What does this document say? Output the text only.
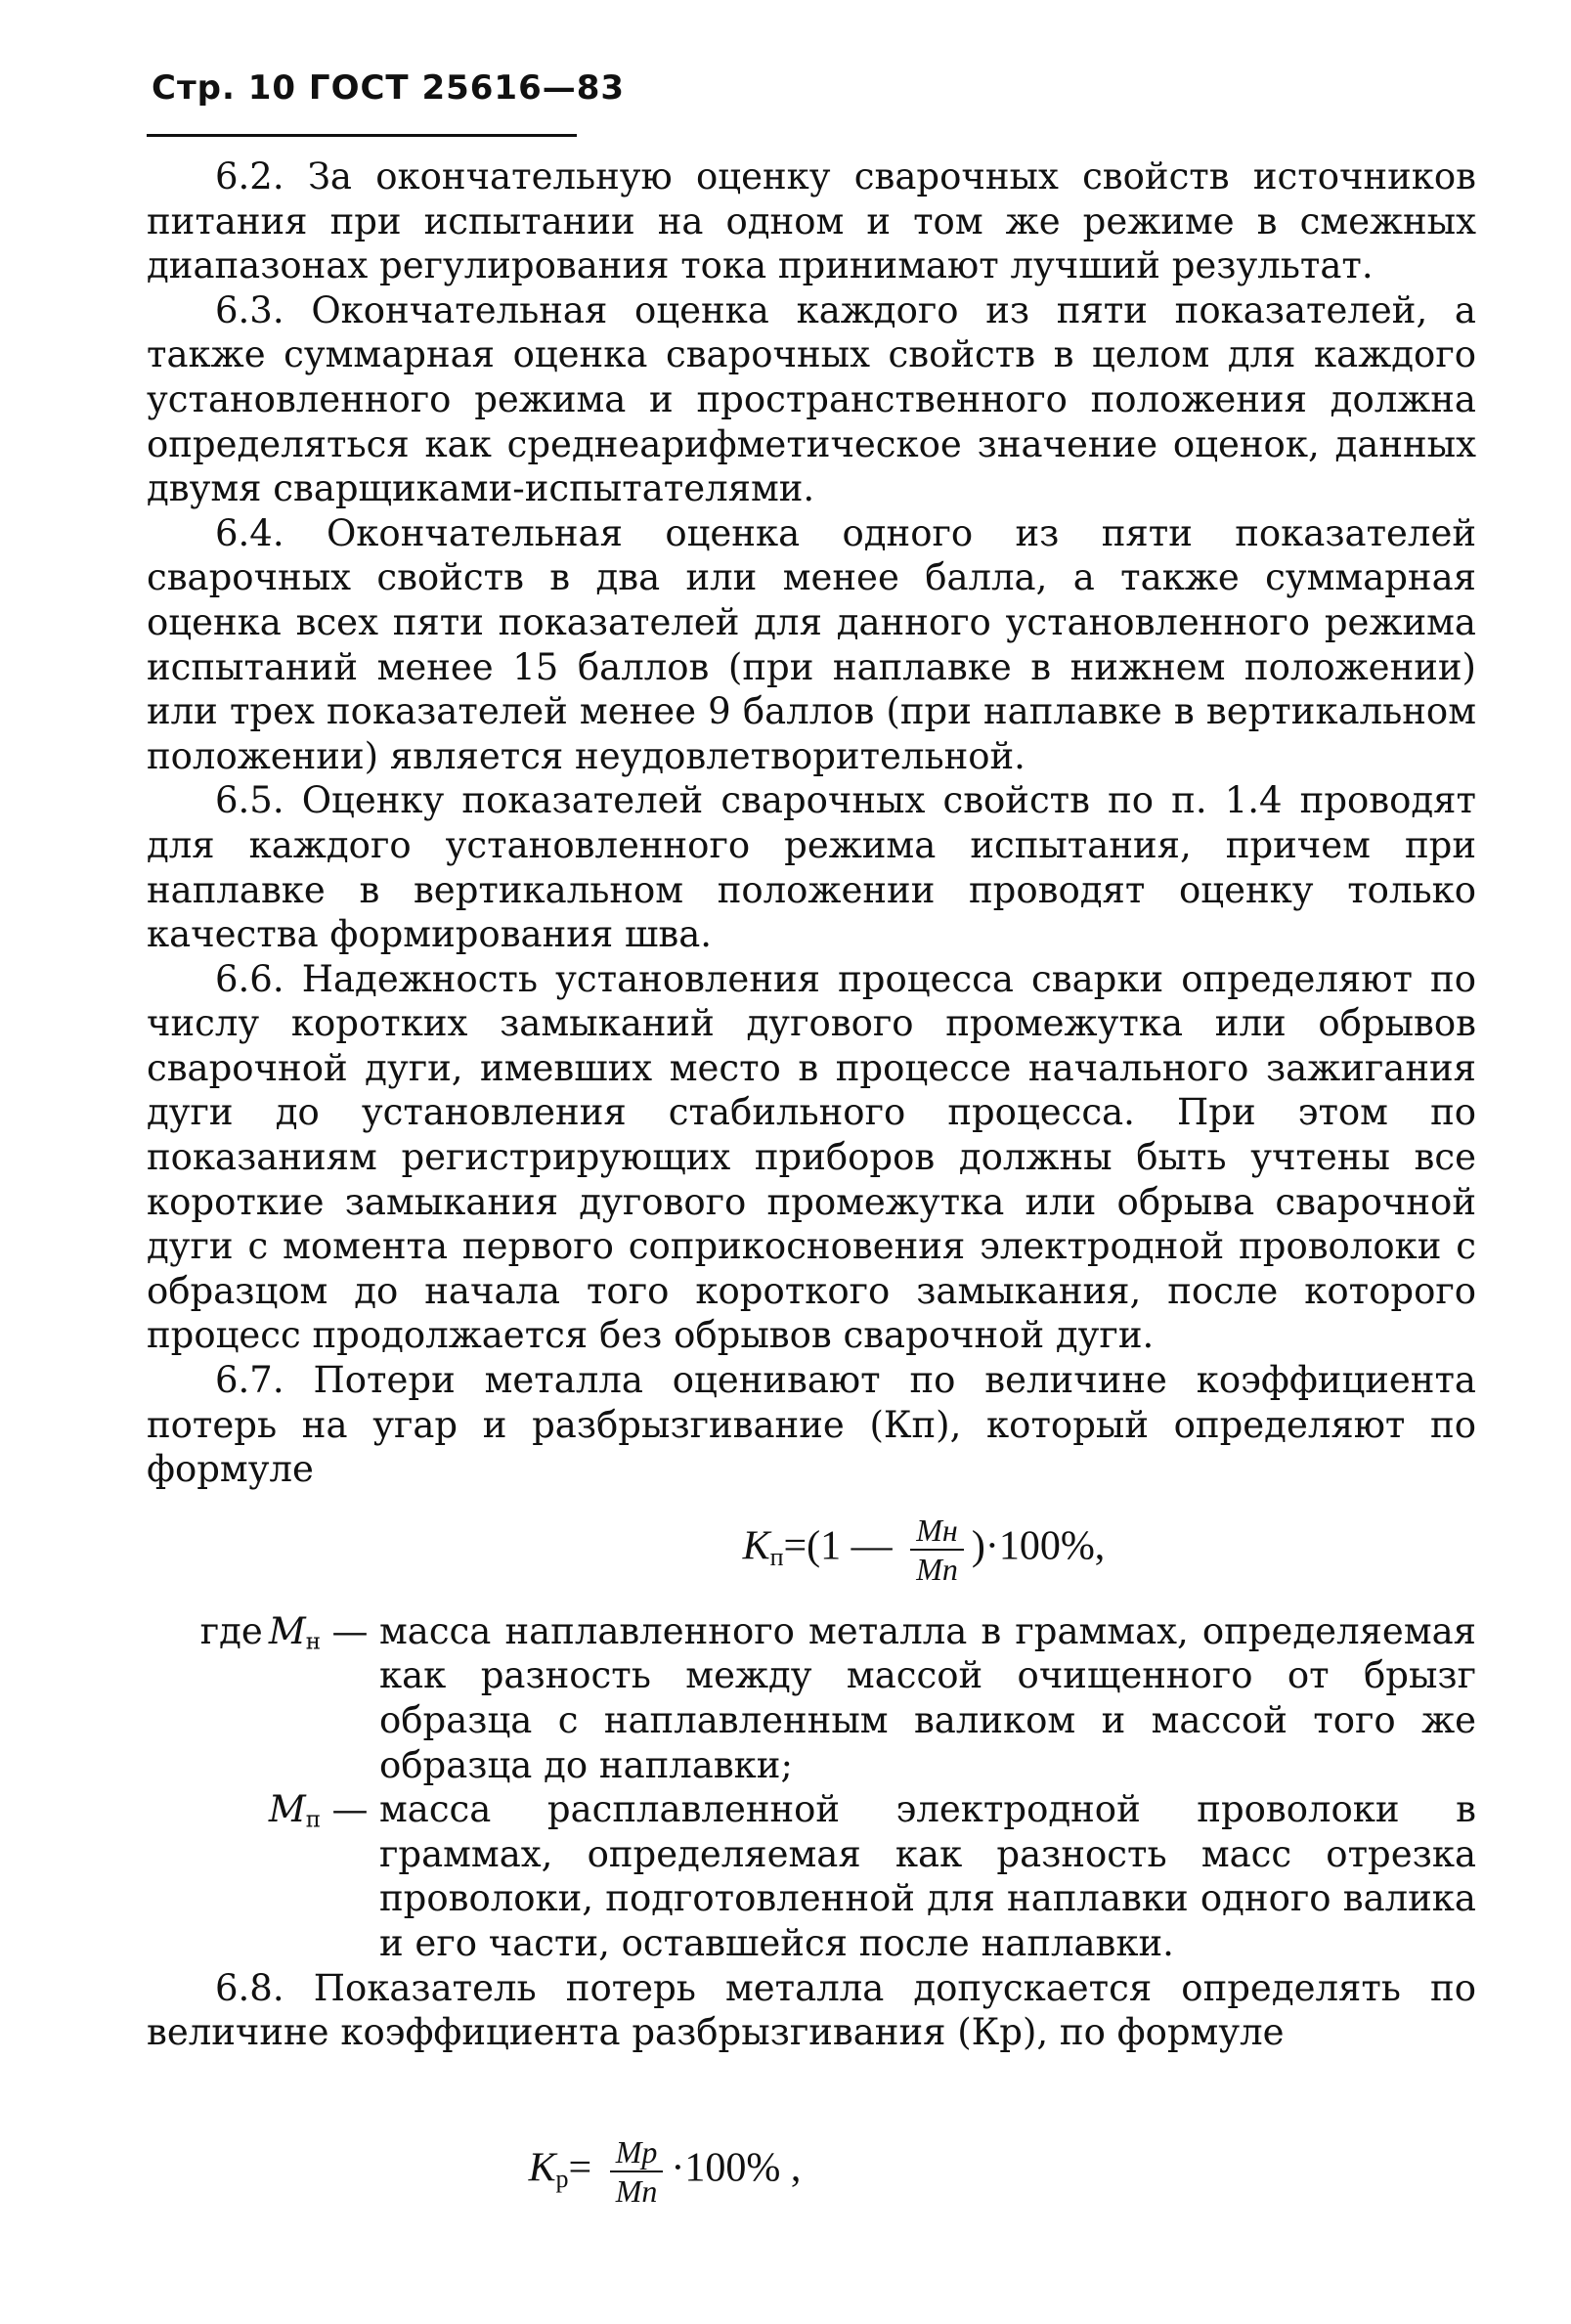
Стр. 10 ГОСТ 25616—83

6.2. За окончательную оценку сварочных свойств источников питания при испытании на одном и том же режиме в смежных диапазонах регулирования тока принимают лучший результат.

6.3. Окончательная оценка каждого из пяти показателей, а также суммарная оценка сварочных свойств в целом для каждого установленного режима и пространственного положения должна определяться как среднеарифметическое значение оценок, данных двумя сварщиками-испытателями.

6.4. Окончательная оценка одного из пяти показателей сварочных свойств в два или менее балла, а также суммарная оценка всех пяти показателей для данного установленного режима испытаний менее 15 баллов (при наплавке в нижнем положении) или трех показателей менее 9 баллов (при наплавке в вертикальном положении) является неудовлетворительной.

6.5. Оценку показателей сварочных свойств по п. 1.4 проводят для каждого установленного режима испытания, причем при наплавке в вертикальном положении проводят оценку только качества формирования шва.

6.6. Надежность установления процесса сварки определяют по числу коротких замыканий дугового промежутка или обрывов сварочной дуги, имевших место в процессе начального зажигания дуги до установления стабильного процесса. При этом по показаниям регистрирующих приборов должны быть учтены все короткие замыкания дугового промежутка или обрыва сварочной дуги с момента первого соприкосновения электродной проволоки с образцом до начала того короткого замыкания, после которого процесс продолжается без обрывов сварочной дуги.

6.7. Потери металла оценивают по величине коэффициента потерь на угар и разбрызгивание (Кп), который определяют по формуле

$К_п=(1$ — $\frac{Мн}{Мп} )\cdot 100\%$,
где $М_н$ — масса наплавленного металла в граммах, определяемая как разность между массой очищенного от брызг образца с наплавленным валиком и массой того же образца до наплавки;
$М_п$ — масса расплавленной электродной проволоки в граммах, определяемая как разность масс отрезка проволоки, подготовленной для наплавки одного валика и его части, оставшейся после наплавки.

6.8. Показатель потерь металла допускается определять по величине коэффициента разбрызгивания (Кр), по формуле

$К_р= \frac{Мр}{Мп} \cdot 100\%$ ,
